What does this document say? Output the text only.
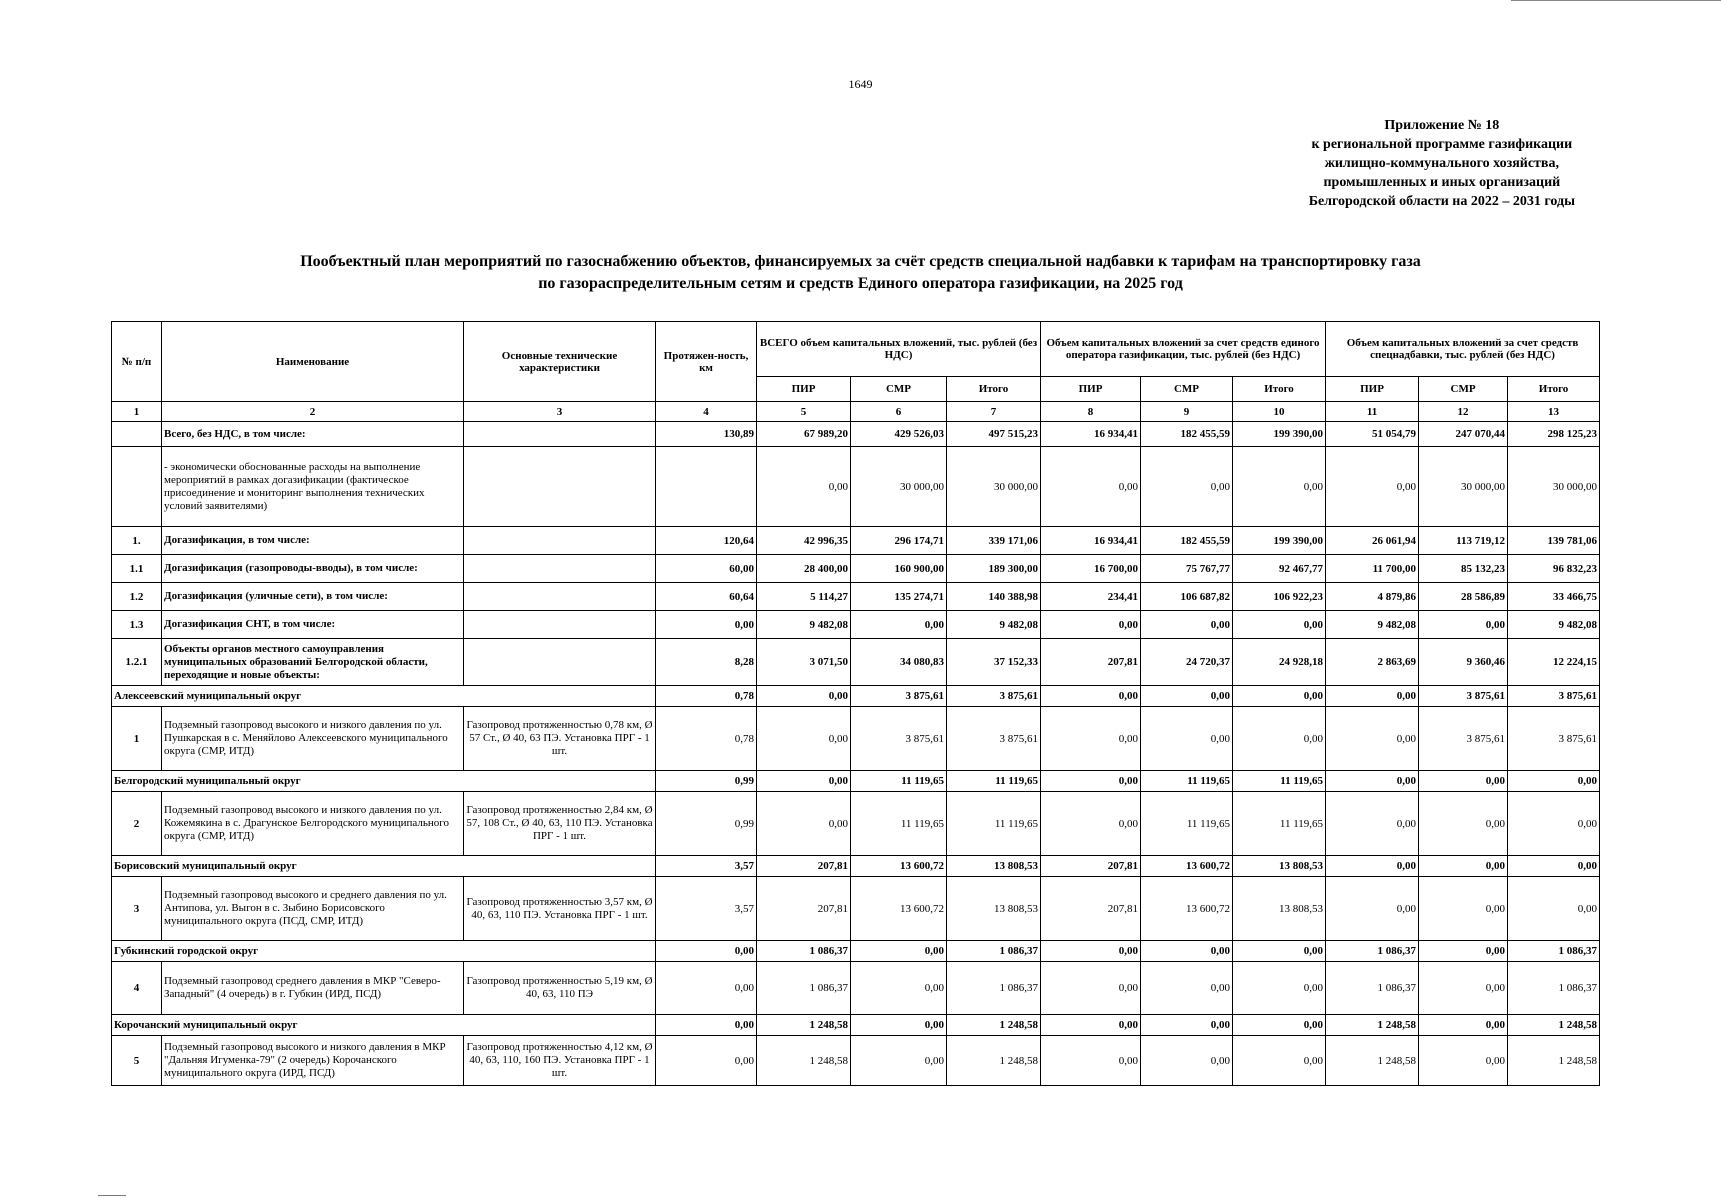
1649
Приложение № 18
к региональной программе газификации
жилищно-коммунального хозяйства,
промышленных и иных организаций
Белгородской области на 2022 – 2031 годы
Пообъектный план мероприятий по газоснабжению объектов, финансируемых за счёт средств специальной надбавки к тарифам на транспортировку газа
по газораспределительным сетям и средств Единого оператора газификации, на 2025 год
№ п/п	Наименование	Основные технические характеристики	Протяжен-ность, км	ВСЕГО объем капитальных вложений, тыс. рублей (без НДС)			Объем капитальных вложений за счет средств единого оператора газификации, тыс. рублей (без НДС)			Объем капитальных вложений за счет средств спецнадбавки, тыс. рублей (без НДС)		
				ПИР	СМР	Итого	ПИР	СМР	Итого	ПИР	СМР	Итого
1	2	3	4	5	6	7	8	9	10	11	12	13
	Всего, без НДС, в том числе:		130,89	67 989,20	429 526,03	497 515,23	16 934,41	182 455,59	199 390,00	51 054,79	247 070,44	298 125,23
	- экономически обоснованные расходы на выполнение мероприятий в рамках догазификации (фактическое присоединение и мониторинг выполнения технических условий заявителями)			0,00	30 000,00	30 000,00	0,00	0,00	0,00	0,00	30 000,00	30 000,00
1.	Догазификация, в том числе:		120,64	42 996,35	296 174,71	339 171,06	16 934,41	182 455,59	199 390,00	26 061,94	113 719,12	139 781,06
1.1	Догазификация (газопроводы-вводы), в том числе:		60,00	28 400,00	160 900,00	189 300,00	16 700,00	75 767,77	92 467,77	11 700,00	85 132,23	96 832,23
1.2	Догазификация (уличные сети), в том числе:		60,64	5 114,27	135 274,71	140 388,98	234,41	106 687,82	106 922,23	4 879,86	28 586,89	33 466,75
1.3	Догазификация СНТ, в том числе:		0,00	9 482,08	0,00	9 482,08	0,00	0,00	0,00	9 482,08	0,00	9 482,08
1.2.1	Объекты органов местного самоуправления муниципальных образований Белгородской области, переходящие и новые объекты:		8,28	3 071,50	34 080,83	37 152,33	207,81	24 720,37	24 928,18	2 863,69	9 360,46	12 224,15
Алексеевский муниципальный округ			0,78	0,00	3 875,61	3 875,61	0,00	0,00	0,00	0,00	3 875,61	3 875,61
1	Подземный газопровод высокого и низкого давления по ул. Пушкарская в с. Меняйлово Алексеевского муниципального округа (СМР, ИТД)	Газопровод протяженностью 0,78 км, Ø 57 Ст., Ø 40, 63 ПЭ. Установка ПРГ - 1 шт.	0,78	0,00	3 875,61	3 875,61	0,00	0,00	0,00	0,00	3 875,61	3 875,61
Белгородский муниципальный округ			0,99	0,00	11 119,65	11 119,65	0,00	11 119,65	11 119,65	0,00	0,00	0,00
2	Подземный газопровод высокого и низкого давления по ул. Кожемякина в с. Драгунское Белгородского муниципального округа (СМР, ИТД)	Газопровод протяженностью 2,84 км, Ø 57, 108 Ст., Ø 40, 63, 110 ПЭ. Установка ПРГ - 1 шт.	0,99	0,00	11 119,65	11 119,65	0,00	11 119,65	11 119,65	0,00	0,00	0,00
Борисовский муниципальный округ			3,57	207,81	13 600,72	13 808,53	207,81	13 600,72	13 808,53	0,00	0,00	0,00
3	Подземный газопровод высокого и среднего давления по ул. Антипова, ул. Выгон в с. Зыбино Борисовского муниципального округа (ПСД, СМР, ИТД)	Газопровод протяженностью 3,57 км, Ø 40, 63, 110 ПЭ. Установка ПРГ - 1 шт.	3,57	207,81	13 600,72	13 808,53	207,81	13 600,72	13 808,53	0,00	0,00	0,00
Губкинский городской округ			0,00	1 086,37	0,00	1 086,37	0,00	0,00	0,00	1 086,37	0,00	1 086,37
4	Подземный газопровод среднего давления в МКР "Северо-Западный" (4 очередь) в г. Губкин (ИРД, ПСД)	Газопровод протяженностью 5,19 км, Ø 40, 63, 110 ПЭ	0,00	1 086,37	0,00	1 086,37	0,00	0,00	0,00	1 086,37	0,00	1 086,37
Корочанский муниципальный округ			0,00	1 248,58	0,00	1 248,58	0,00	0,00	0,00	1 248,58	0,00	1 248,58
5	Подземный газопровод высокого и низкого давления в МКР "Дальняя Игуменка-79" (2 очередь) Корочанского муниципального округа (ИРД, ПСД)	Газопровод протяженностью 4,12 км, Ø 40, 63, 110, 160 ПЭ. Установка ПРГ - 1 шт.	0,00	1 248,58	0,00	1 248,58	0,00	0,00	0,00	1 248,58	0,00	1 248,58
